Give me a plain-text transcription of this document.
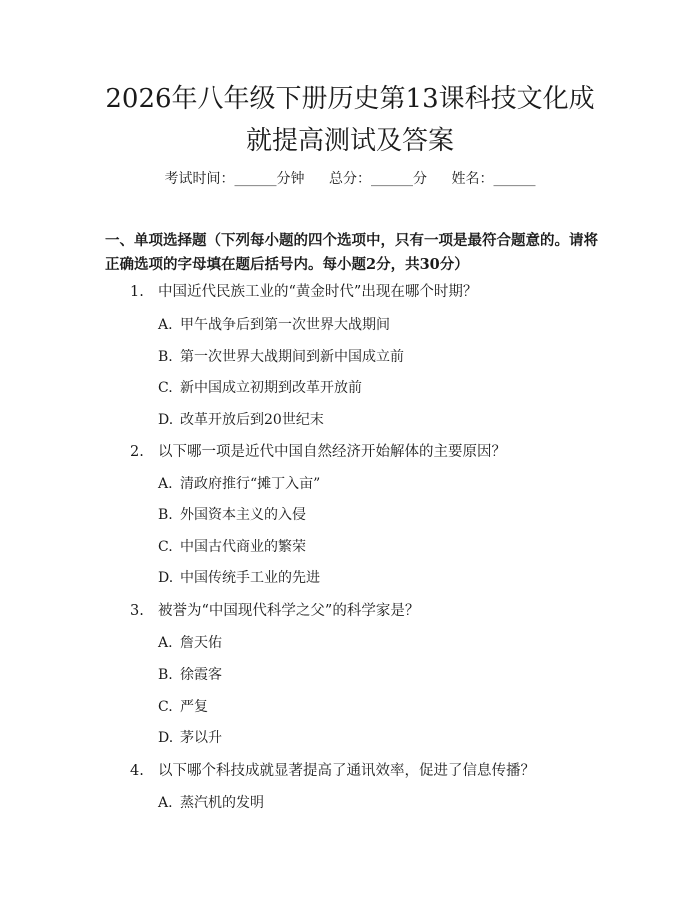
2026年八年级下册历史第13课科技文化成
就提高测试及答案
考试时间：______分钟 总分：______分 姓名：______
一、单项选择题（下列每小题的四个选项中，只有一项是最符合题意的。请将正确选项的字母填在题后括号内。每小题2分，共30分）
1. 中国近代民族工业的“黄金时代”出现在哪个时期？
A. 甲午战争后到第一次世界大战期间
B. 第一次世界大战期间到新中国成立前
C. 新中国成立初期到改革开放前
D. 改革开放后到20世纪末
2. 以下哪一项是近代中国自然经济开始解体的主要原因？
A. 清政府推行“摊丁入亩”
B. 外国资本主义的入侵
C. 中国古代商业的繁荣
D. 中国传统手工业的先进
3. 被誉为“中国现代科学之父”的科学家是？
A. 詹天佑
B. 徐霞客
C. 严复
D. 茅以升
4. 以下哪个科技成就显著提高了通讯效率，促进了信息传播？
A. 蒸汽机的发明
